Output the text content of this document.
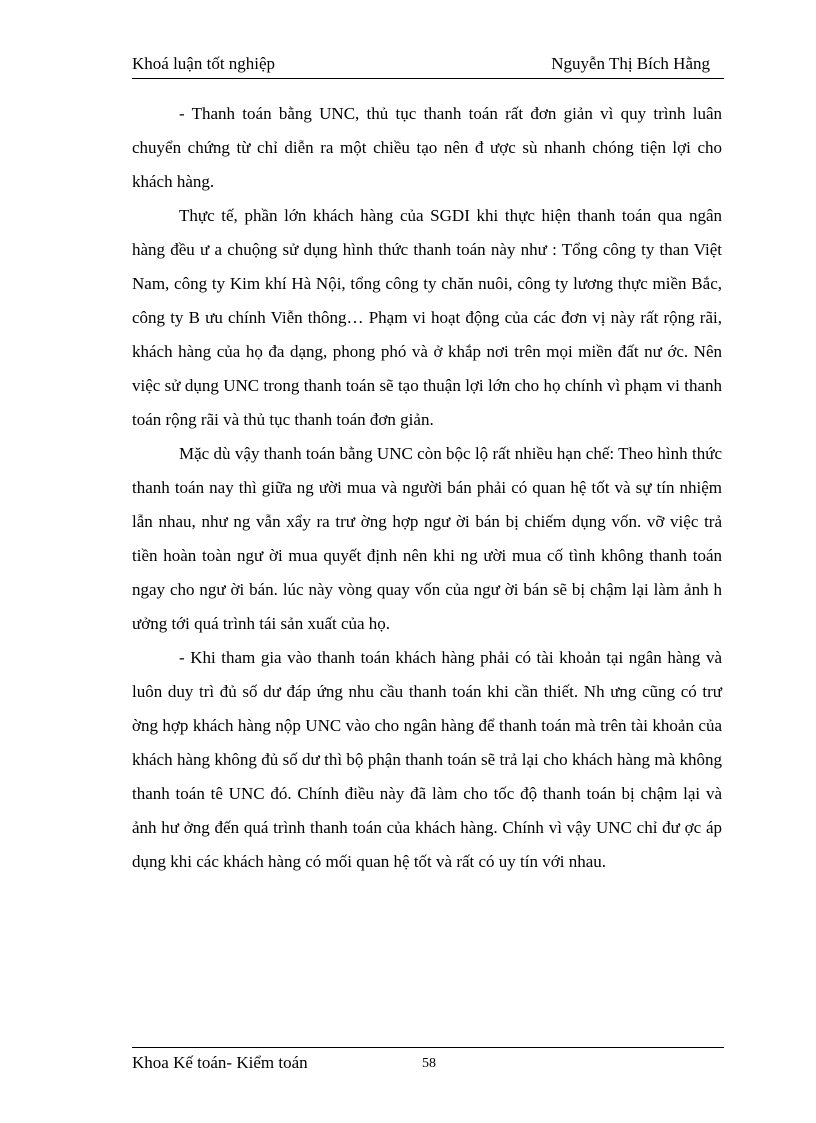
Khoá luận tốt nghiệp	Nguyễn Thị Bích Hằng

- Thanh toán bằng UNC, thủ tục thanh toán rất đơn giản vì quy trình luân chuyển chứng từ chỉ diễn ra một chiều tạo nên đ ược sù nhanh chóng tiện lợi cho khách hàng.

Thực tế, phần lớn khách hàng của SGDI khi thực hiện thanh toán qua ngân hàng đều ư a chuộng sử dụng hình thức thanh toán này như : Tổng công ty than Việt Nam, công ty Kim khí Hà Nội, tổng công ty chăn nuôi, công ty lương thực miền Bắc, công ty B ưu chính Viễn thông… Phạm vi hoạt động của các đơn vị này rất rộng rãi, khách hàng của họ đa dạng, phong phó và ở khắp nơi trên mọi miền đất nư ớc. Nên việc sử dụng UNC trong thanh toán sẽ tạo thuận lợi lớn cho họ chính vì phạm vi thanh toán rộng rãi và thủ tục thanh toán đơn giản.

Mặc dù vậy thanh toán bằng UNC còn bộc lộ rất nhiều hạn chế: Theo hình thức thanh toán nay thì giữa ng ười mua và người bán phải có quan hệ tốt và sự tín nhiệm lẫn nhau, như ng vẫn xẩy ra trư ờng hợp ngư ời bán bị chiếm dụng vốn. vỡ việc trả tiền hoàn toàn ngư ời mua quyết định nên khi ng ười mua cố tình không thanh toán ngay cho ngư ời bán. lúc này vòng quay vốn của ngư ời bán sẽ bị chậm lại làm ảnh h ưởng tới quá trình tái sản xuất của họ.

- Khi tham gia vào thanh toán khách hàng phải có tài khoản tại ngân hàng và luôn duy trì đủ số dư đáp ứng nhu cầu thanh toán khi cần thiết. Nh ưng cũng có trư ờng hợp khách hàng nộp UNC vào cho ngân hàng để thanh toán mà trên tài khoản của khách hàng không đủ số dư thì bộ phận thanh toán sẽ trả lại cho khách hàng mà không thanh toán tê UNC đó. Chính điều này đã làm cho tốc độ thanh toán bị chậm lại và ảnh hư ởng đến quá trình thanh toán của khách hàng. Chính vì vậy UNC chỉ đư ợc áp dụng khi các khách hàng có mối quan hệ tốt và rất có uy tín với nhau.

Khoa Kế toán- Kiểm toán	58
